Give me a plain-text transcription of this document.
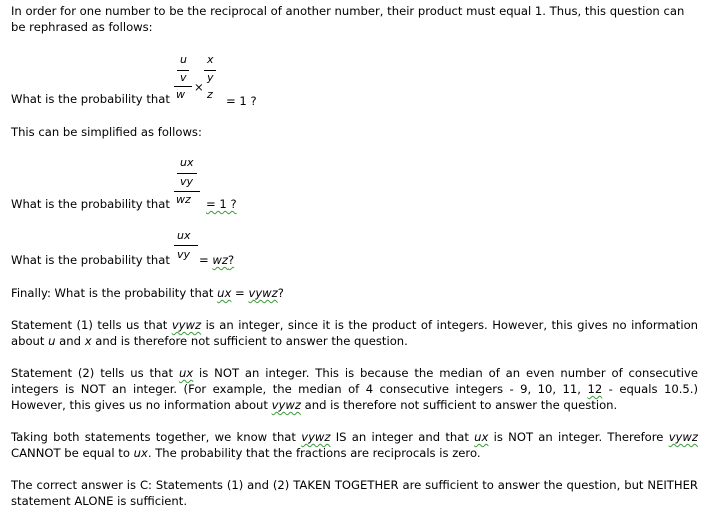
In order for one number to be the reciprocal of another number, their product must equal 1. Thus, this question can be rephrased as follows:

u
v
×
x
y
What is the probability that w z = 1 ?

This can be simplified as follows:

ux
vy
What is the probability that wz = 1 ?
ux
What is the probability that vy = wz?

Finally: What is the probability that ux = vywz?

Statement (1) tells us that vywz is an integer, since it is the product of integers. However, this gives no information about u and x and is therefore not sufficient to answer the question.

Statement (2) tells us that ux is NOT an integer. This is because the median of an even number of consecutive integers is NOT an integer. (For example, the median of 4 consecutive integers - 9, 10, 11, 12 - equals 10.5.) However, this gives us no information about vywz and is therefore not sufficient to answer the question.

Taking both statements together, we know that vywz IS an integer and that ux is NOT an integer. Therefore vywz CANNOT be equal to ux. The probability that the fractions are reciprocals is zero.

The correct answer is C: Statements (1) and (2) TAKEN TOGETHER are sufficient to answer the question, but NEITHER statement ALONE is sufficient.
